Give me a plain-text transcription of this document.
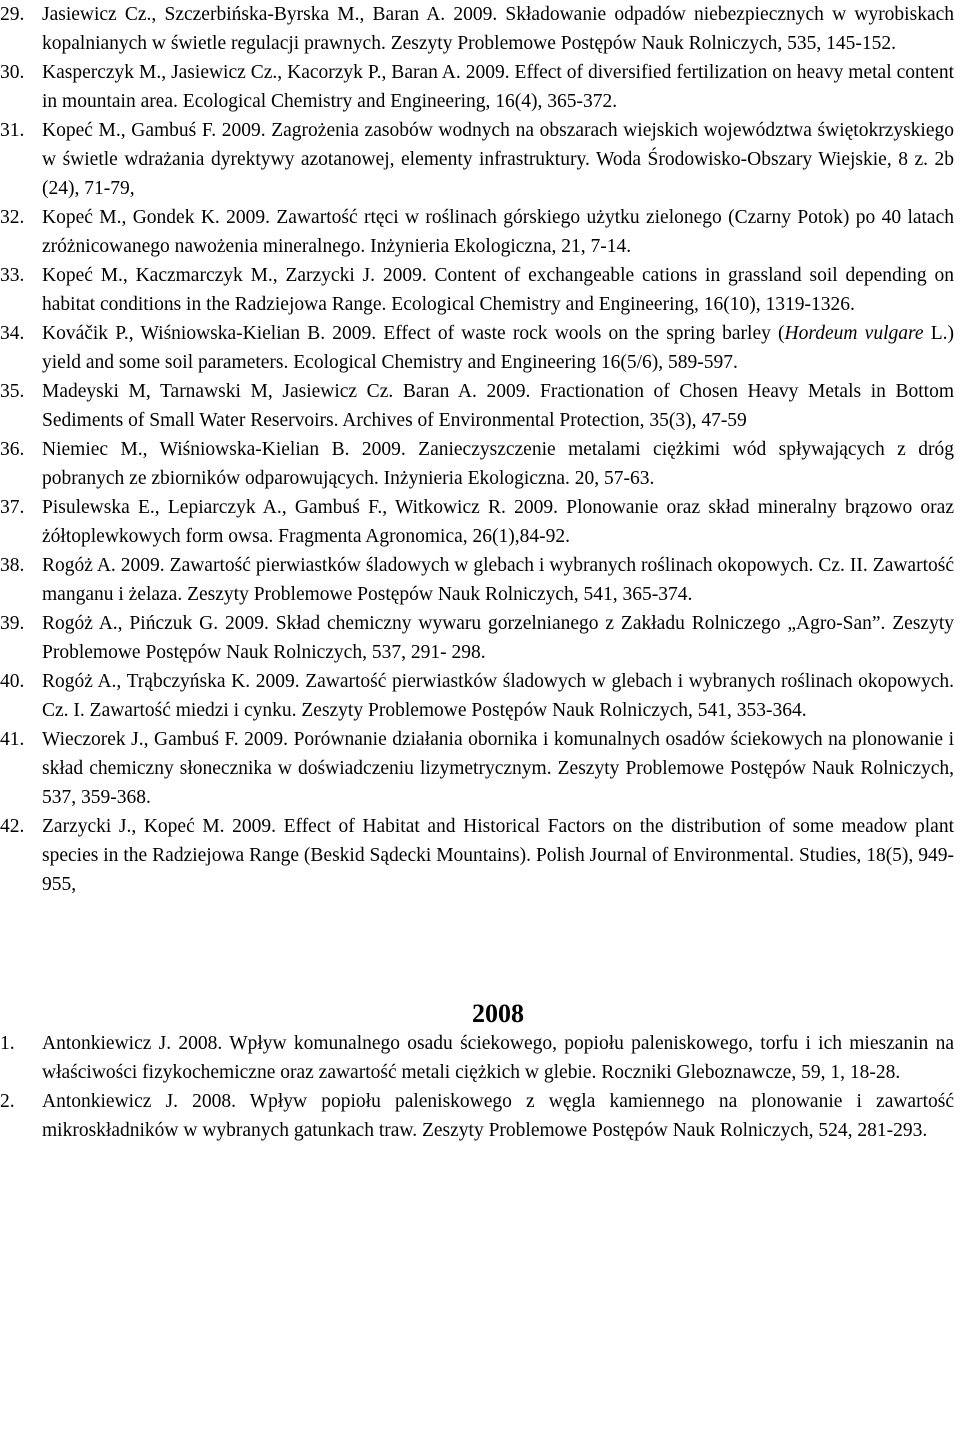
29. Jasiewicz Cz., Szczerbińska-Byrska M., Baran A. 2009. Składowanie odpadów niebezpiecznych w wyrobiskach kopalnianych w świetle regulacji prawnych. Zeszyty Problemowe Postępów Nauk Rolniczych, 535, 145-152.
30. Kasperczyk M., Jasiewicz Cz., Kacorzyk P., Baran A. 2009. Effect of diversified fertilization on heavy metal content in mountain area. Ecological Chemistry and Engineering, 16(4), 365-372.
31. Kopeć M., Gambuś F. 2009. Zagrożenia zasobów wodnych na obszarach wiejskich województwa świętokrzyskiego w świetle wdrażania dyrektywy azotanowej, elementy infrastruktury. Woda Środowisko-Obszary Wiejskie, 8 z. 2b (24), 71-79,
32. Kopeć M., Gondek K. 2009. Zawartość rtęci w roślinach górskiego użytku zielonego (Czarny Potok) po 40 latach zróżnicowanego nawożenia mineralnego. Inżynieria Ekologiczna, 21, 7-14.
33. Kopeć M., Kaczmarczyk M., Zarzycki J. 2009. Content of exchangeable cations in grassland soil depending on habitat conditions in the Radziejowa Range. Ecological Chemistry and Engineering, 16(10), 1319-1326.
34. Kováčik P., Wiśniowska-Kielian B. 2009. Effect of waste rock wools on the spring barley (Hordeum vulgare L.) yield and some soil parameters. Ecological Chemistry and Engineering 16(5/6), 589-597.
35. Madeyski M, Tarnawski M, Jasiewicz Cz. Baran A. 2009. Fractionation of Chosen Heavy Metals in Bottom Sediments of Small Water Reservoirs. Archives of Environmental Protection, 35(3), 47-59
36. Niemiec M., Wiśniowska-Kielian B. 2009. Zanieczyszczenie metalami ciężkimi wód spływających z dróg pobranych ze zbiorników odparowujących. Inżynieria Ekologiczna. 20, 57-63.
37. Pisulewska E., Lepiarczyk A., Gambuś F., Witkowicz R. 2009. Plonowanie oraz skład mineralny brązowo oraz żółtoplewkowych form owsa. Fragmenta Agronomica, 26(1),84-92.
38. Rogóż A. 2009. Zawartość pierwiastków śladowych w glebach i wybranych roślinach okopowych. Cz. II. Zawartość manganu i żelaza. Zeszyty Problemowe Postępów Nauk Rolniczych, 541, 365-374.
39. Rogóż A., Pińczuk G. 2009. Skład chemiczny wywaru gorzelnianego z Zakładu Rolniczego „Agro-San”. Zeszyty Problemowe Postępów Nauk Rolniczych, 537, 291- 298.
40. Rogóż A., Trąbczyńska K. 2009. Zawartość pierwiastków śladowych w glebach i wybranych roślinach okopowych. Cz. I. Zawartość miedzi i cynku. Zeszyty Problemowe Postępów Nauk Rolniczych, 541, 353-364.
41. Wieczorek J., Gambuś F. 2009. Porównanie działania obornika i komunalnych osadów ściekowych na plonowanie i skład chemiczny słonecznika w doświadczeniu lizymetrycznym. Zeszyty Problemowe Postępów Nauk Rolniczych, 537, 359-368.
42. Zarzycki J., Kopeć M. 2009. Effect of Habitat and Historical Factors on the distribution of some meadow plant species in the Radziejowa Range (Beskid Sądecki Mountains). Polish Journal of Environmental. Studies, 18(5), 949-955,
2008
1. Antonkiewicz J. 2008. Wpływ komunalnego osadu ściekowego, popiołu paleniskowego, torfu i ich mieszanin na właściwości fizykochemiczne oraz zawartość metali ciężkich w glebie. Roczniki Gleboznawcze, 59, 1, 18-28.
2. Antonkiewicz J. 2008. Wpływ popiołu paleniskowego z węgla kamiennego na plonowanie i zawartość mikroskładników w wybranych gatunkach traw. Zeszyty Problemowe Postępów Nauk Rolniczych, 524, 281-293.
